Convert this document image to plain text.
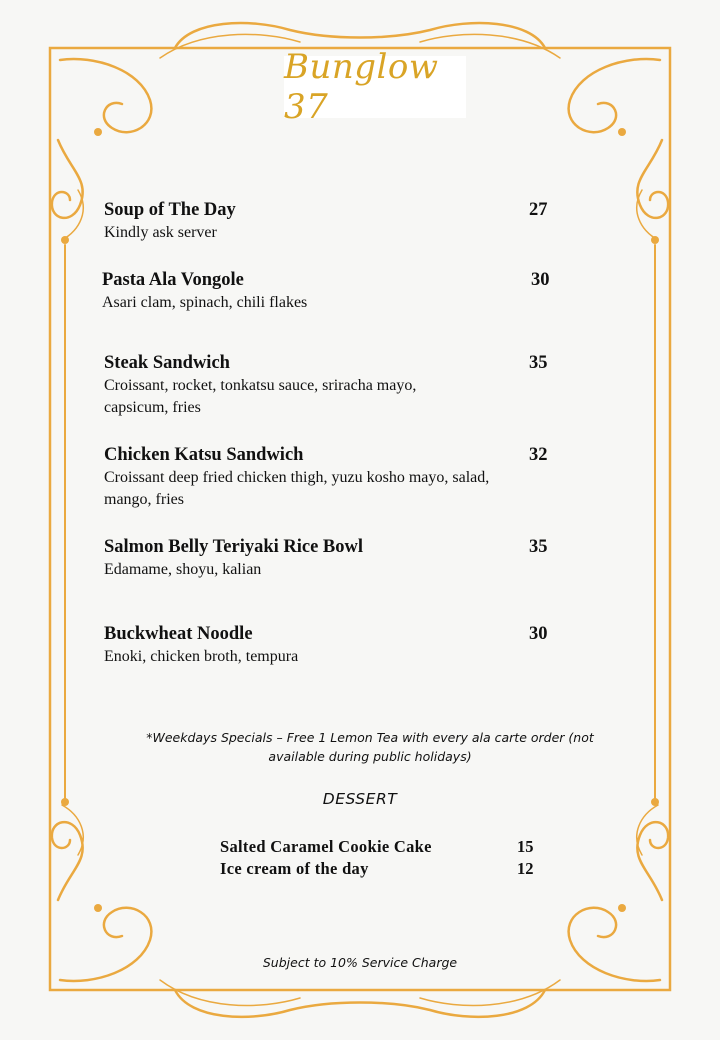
Bunglow 37
Soup of The Day
Kindly ask server
27
Pasta Ala Vongole
Asari clam, spinach, chili flakes
30
Steak Sandwich
Croissant, rocket, tonkatsu sauce, sriracha mayo, capsicum, fries
35
Chicken Katsu Sandwich
Croissant deep fried chicken thigh, yuzu kosho mayo, salad, mango, fries
32
Salmon Belly Teriyaki Rice Bowl
Edamame, shoyu, kalian
35
Buckwheat Noodle
Enoki, chicken broth, tempura
30
*Weekdays Specials – Free 1 Lemon Tea with every ala carte order (not available during public holidays)
DESSERT
Salted Caramel Cookie Cake	15
Ice cream of the day	12
Subject to 10% Service Charge
